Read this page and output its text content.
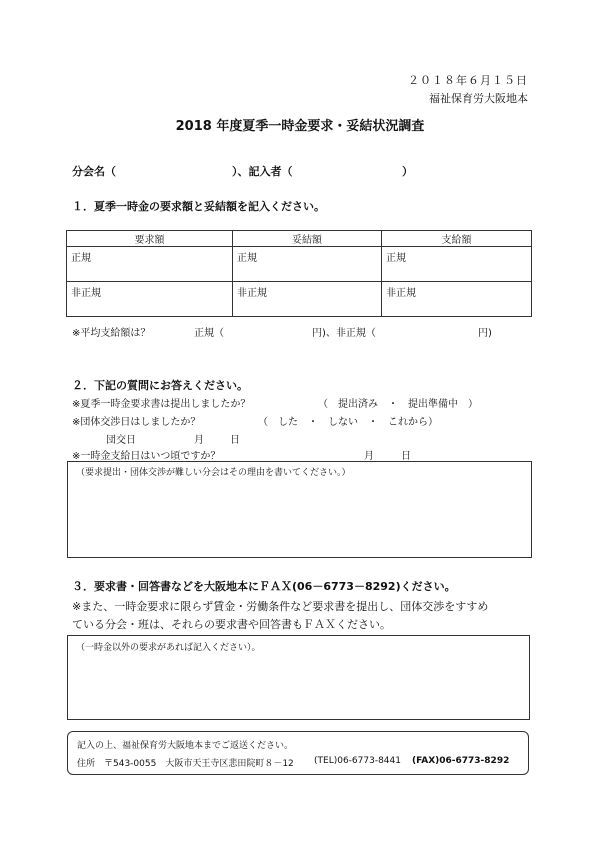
２０１８年６月１５日
福祉保育労大阪地本
2018 年度夏季一時金要求・妥結状況調査
分会名（	）、記入者（	）
１．夏季一時金の要求額と妥結額を記入ください。
要求額	妥結額	支給額
正規	正規	正規
非正規	非正規	非正規
※平均支給額は？	正規（	円)、非正規（	円)
２．下記の質問にお答えください。
※夏季一時金要求書は提出しましたか？	（　提出済み　・　提出準備中　）
※団体交渉日はしましたか？	（　した　・　しない　・　これから）
団交日	月	日
※一時金支給日はいつ頃ですか？	月	日
（要求提出・団体交渉が難しい分会はその理由を書いてください。）
３．要求書・回答書などを大阪地本にＦＡＸ(06－6773－8292)ください。
※また、一時金要求に限らず賃金・労働条件など要求書を提出し、団体交渉をすすめ
ている分会・班は、それらの要求書や回答書もＦＡＸください。
（一時金以外の要求があれば記入ください）。
記入の上、福祉保育労大阪地本までご返送ください。
住所 〒543-0055　大阪市天王寺区悲田院町８－12 (TEL)06-6773-8441 (FAX)06-6773-8292
